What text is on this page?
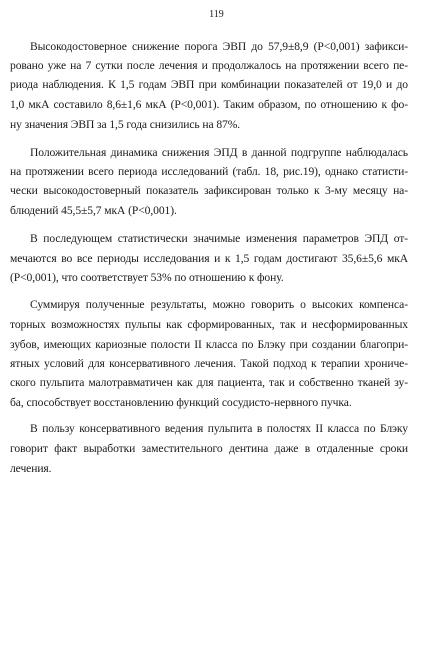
119
Высокодостоверное снижение порога ЭВП до 57,9±8,9 (P<0,001) зафикси-
ровано уже на 7 сутки после лечения и продолжалось на протяжении всего пе-
риода наблюдения. К 1,5 годам ЭВП при комбинации показателей от 19,0 и до
1,0 мкА составило 8,6±1,6 мкА (P<0,001). Таким образом, по отношению к фо-
ну значения ЭВП за 1,5 года снизились на 87%.
Положительная динамика снижения ЭПД в данной подгруппе наблюдалась
на протяжении всего периода исследований (табл. 18, рис.19), однако статисти-
чески высокодостоверный показатель зафиксирован только к 3-му месяцу на-
блюдений 45,5±5,7 мкА (P<0,001).
В последующем статистически значимые изменения параметров ЭПД от-
мечаются во все периоды исследования и к 1,5 годам достигают 35,6±5,6 мкА
(P<0,001), что соответствует 53% по отношению к фону.
Суммируя полученные результаты, можно говорить о высоких компенса-
торных возможностях пульпы как сформированных, так и несформированных
зубов, имеющих кариозные полости II класса по Блэку при создании благопри-
ятных условий для консервативного лечения. Такой подход к терапии хрониче-
ского пульпита малотравматичен как для пациента, так и собственно тканей зу-
ба, способствует восстановлению функций сосудисто-нервного пучка.
В пользу консервативного ведения пульпита в полостях II класса по Блэку
говорит факт выработки заместительного дентина даже в отдаленные сроки
лечения.
